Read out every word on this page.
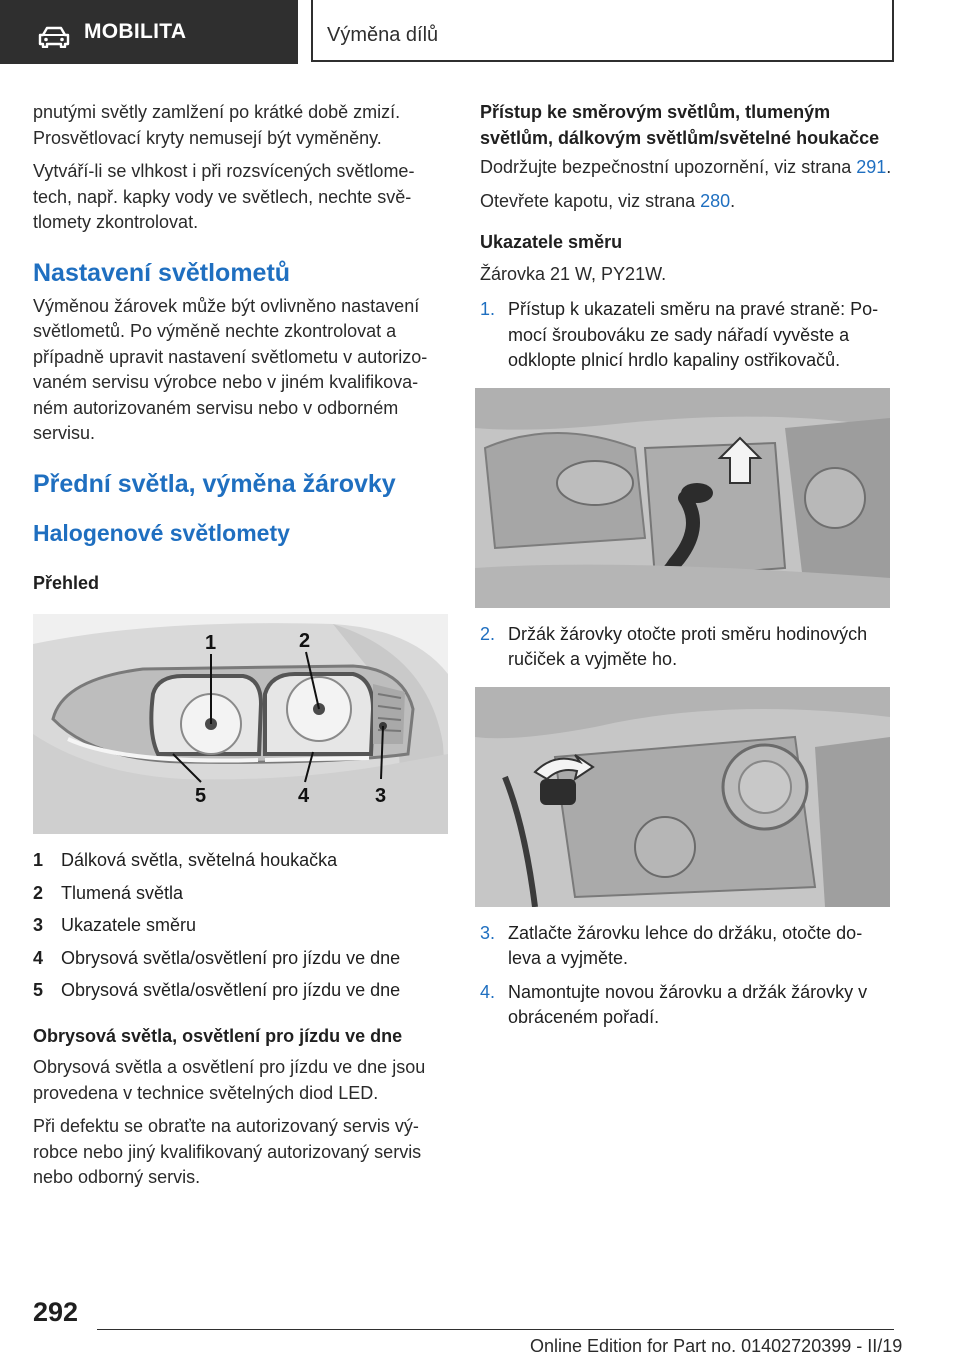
MOBILITA	Výměna dílů

pnutými světly zamlžení po krátké době zmizí. Prosvětlovací kryty nemusejí být vyměněny.

Vytváří-li se vlhkost i při rozsvícených světlome- tech, např. kapky vody ve světlech, nechte svě- tlomety zkontrolovat.

Nastavení světlometů

Výměnou žárovek může být ovlivněno nastavení světlometů. Po výměně nechte zkontrolovat a případně upravit nastavení světlometu v autorizo- vaném servisu výrobce nebo v jiném kvalifikova- ném autorizovaném servisu nebo v odborném servisu.

Přední světla, výměna žárovky
Halogenové světlomety
Přehled
1	2
3
4
5
1 Dálková světla, světelná houkačka
2 Tlumená světla
3 Ukazatele směru
4 Obrysová světla/osvětlení pro jízdu ve dne
5 Obrysová světla/osvětlení pro jízdu ve dne
Obrysová světla, osvětlení pro jízdu ve dne

Obrysová světla a osvětlení pro jízdu ve dne jsou provedena v technice světelných diod LED.

Při defektu se obraťte na autorizovaný servis vý- robce nebo jiný kvalifikovaný autorizovaný servis nebo odborný servis.

Přístup ke směrovým světlům, tlumeným světlům, dálkovým světlům/světelné houkačce

Dodržujte bezpečnostní upozornění, viz strana 291.

Otevřete kapotu, viz strana 280.

Ukazatele směru

Žárovka 21 W, PY21W.

1. Přístup k ukazateli směru na pravé straně: Po- mocí šroubováku ze sady nářadí vyvěste a odklopte plnicí hrdlo kapaliny ostřikovačů.
2. Držák žárovky otočte proti směru hodinových ručiček a vyjměte ho.
3. Zatlačte žárovku lehce do držáku, otočte do- leva a vyjměte.
4. Namontujte novou žárovku a držák žárovky v obráceném pořadí.
292
Online Edition for Part no. 01402720399 - II/19
